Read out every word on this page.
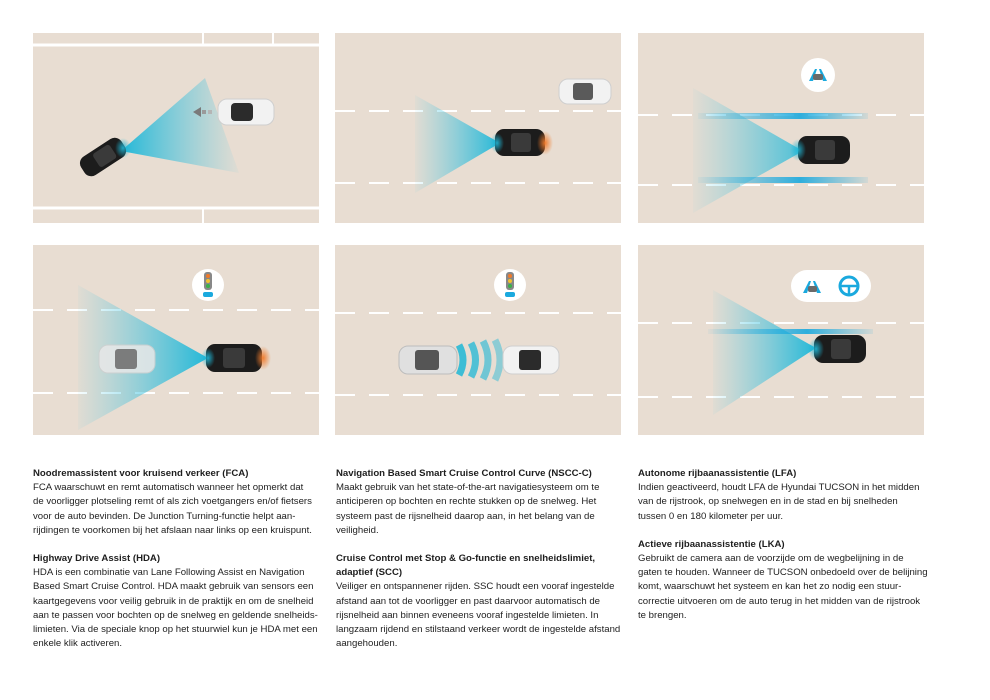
Noodremassistent voor kruisend verkeer (FCA)

FCA waarschuwt en remt automatisch wanneer het opmerkt dat

de voorligger plotseling remt of als zich voetgangers en/of fietsers

voor de auto bevinden. De Junction Turning-functie helpt aan-

rijdingen te voorkomen bij het afslaan naar links op een kruispunt.

Highway Drive Assist (HDA)

HDA is een combinatie van Lane Following Assist en Navigation

Based Smart Cruise Control. HDA maakt gebruik van sensors een

kaartgegevens voor veilig gebruik in de praktijk en om de snelheid

aan te passen voor bochten op de snelweg en geldende snelheids-

limieten. Via de speciale knop op het stuurwiel kun je HDA met een

enkele klik activeren.

Navigation Based Smart Cruise Control Curve (NSCC-C)

Maakt gebruik van het state-of-the-art navigatiesysteem om te

anticiperen op bochten en rechte stukken op de snelweg. Het

systeem past de rijsnelheid daarop aan, in het belang van de

veiligheid.

Cruise Control met Stop & Go-functie en snelheidslimiet,
adaptief (SCC)

Veiliger en ontspannener rijden. SSC houdt een vooraf ingestelde

afstand aan tot de voorligger en past daarvoor automatisch de

rijsnelheid aan binnen eveneens vooraf ingestelde limieten. In

langzaam rijdend en stilstaand verkeer wordt de ingestelde afstand

aangehouden.

Autonome rijbaanassistentie (LFA)

Indien geactiveerd, houdt LFA de Hyundai TUCSON in het midden

van de rijstrook, op snelwegen en in de stad en bij snelheden

tussen 0 en 180 kilometer per uur.

Actieve rijbaanassistentie (LKA)

Gebruikt de camera aan de voorzijde om de wegbelijning in de

gaten te houden. Wanneer de TUCSON onbedoeld over de belijning

komt, waarschuwt het systeem en kan het zo nodig een stuur-

correctie uitvoeren om de auto terug in het midden van de rijstrook

te brengen.
